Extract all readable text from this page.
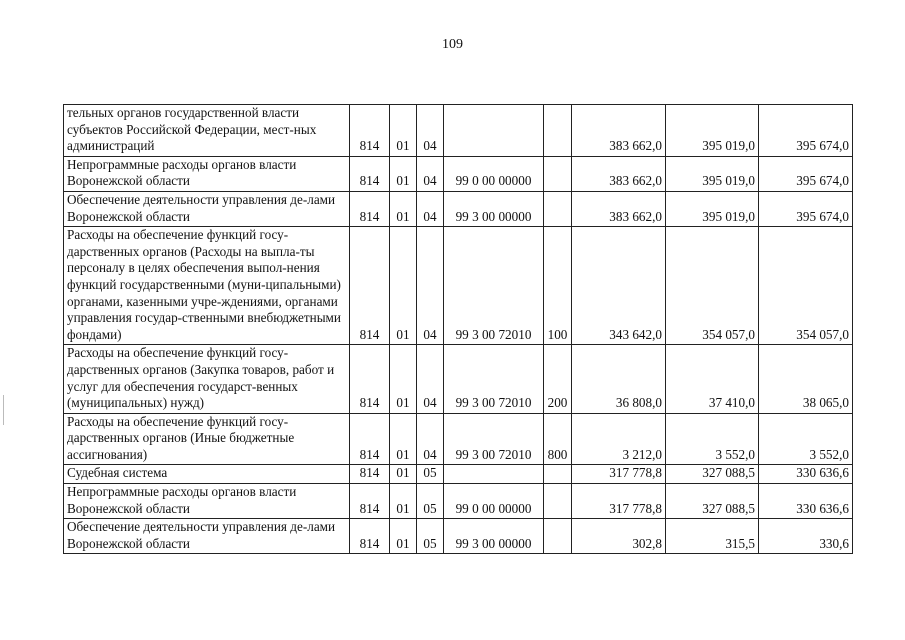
109
тельных органов государственной власти субъектов Российской Федерации, мест-ных администраций	814	01	04			383 662,0	395 019,0	395 674,0
Непрограммные расходы органов власти Воронежской области	814	01	04	99 0 00 00000		383 662,0	395 019,0	395 674,0
Обеспечение деятельности управления де-лами Воронежской области	814	01	04	99 3 00 00000		383 662,0	395 019,0	395 674,0
Расходы на обеспечение функций госу-дарственных органов (Расходы на выпла-ты персоналу в целях обеспечения выпол-нения функций государственными (муни-ципальными) органами, казенными учре-ждениями, органами управления государ-ственными внебюджетными фондами)	814	01	04	99 3 00 72010	100	343 642,0	354 057,0	354 057,0
Расходы на обеспечение функций госу-дарственных органов (Закупка товаров, работ и услуг для обеспечения государст-венных (муниципальных) нужд)	814	01	04	99 3 00 72010	200	36 808,0	37 410,0	38 065,0
Расходы на обеспечение функций госу-дарственных органов (Иные бюджетные ассигнования)	814	01	04	99 3 00 72010	800	3 212,0	3 552,0	3 552,0
Судебная система	814	01	05			317 778,8	327 088,5	330 636,6
Непрограммные расходы органов власти Воронежской области	814	01	05	99 0 00 00000		317 778,8	327 088,5	330 636,6
Обеспечение деятельности управления де-лами Воронежской области	814	01	05	99 3 00 00000		302,8	315,5	330,6
